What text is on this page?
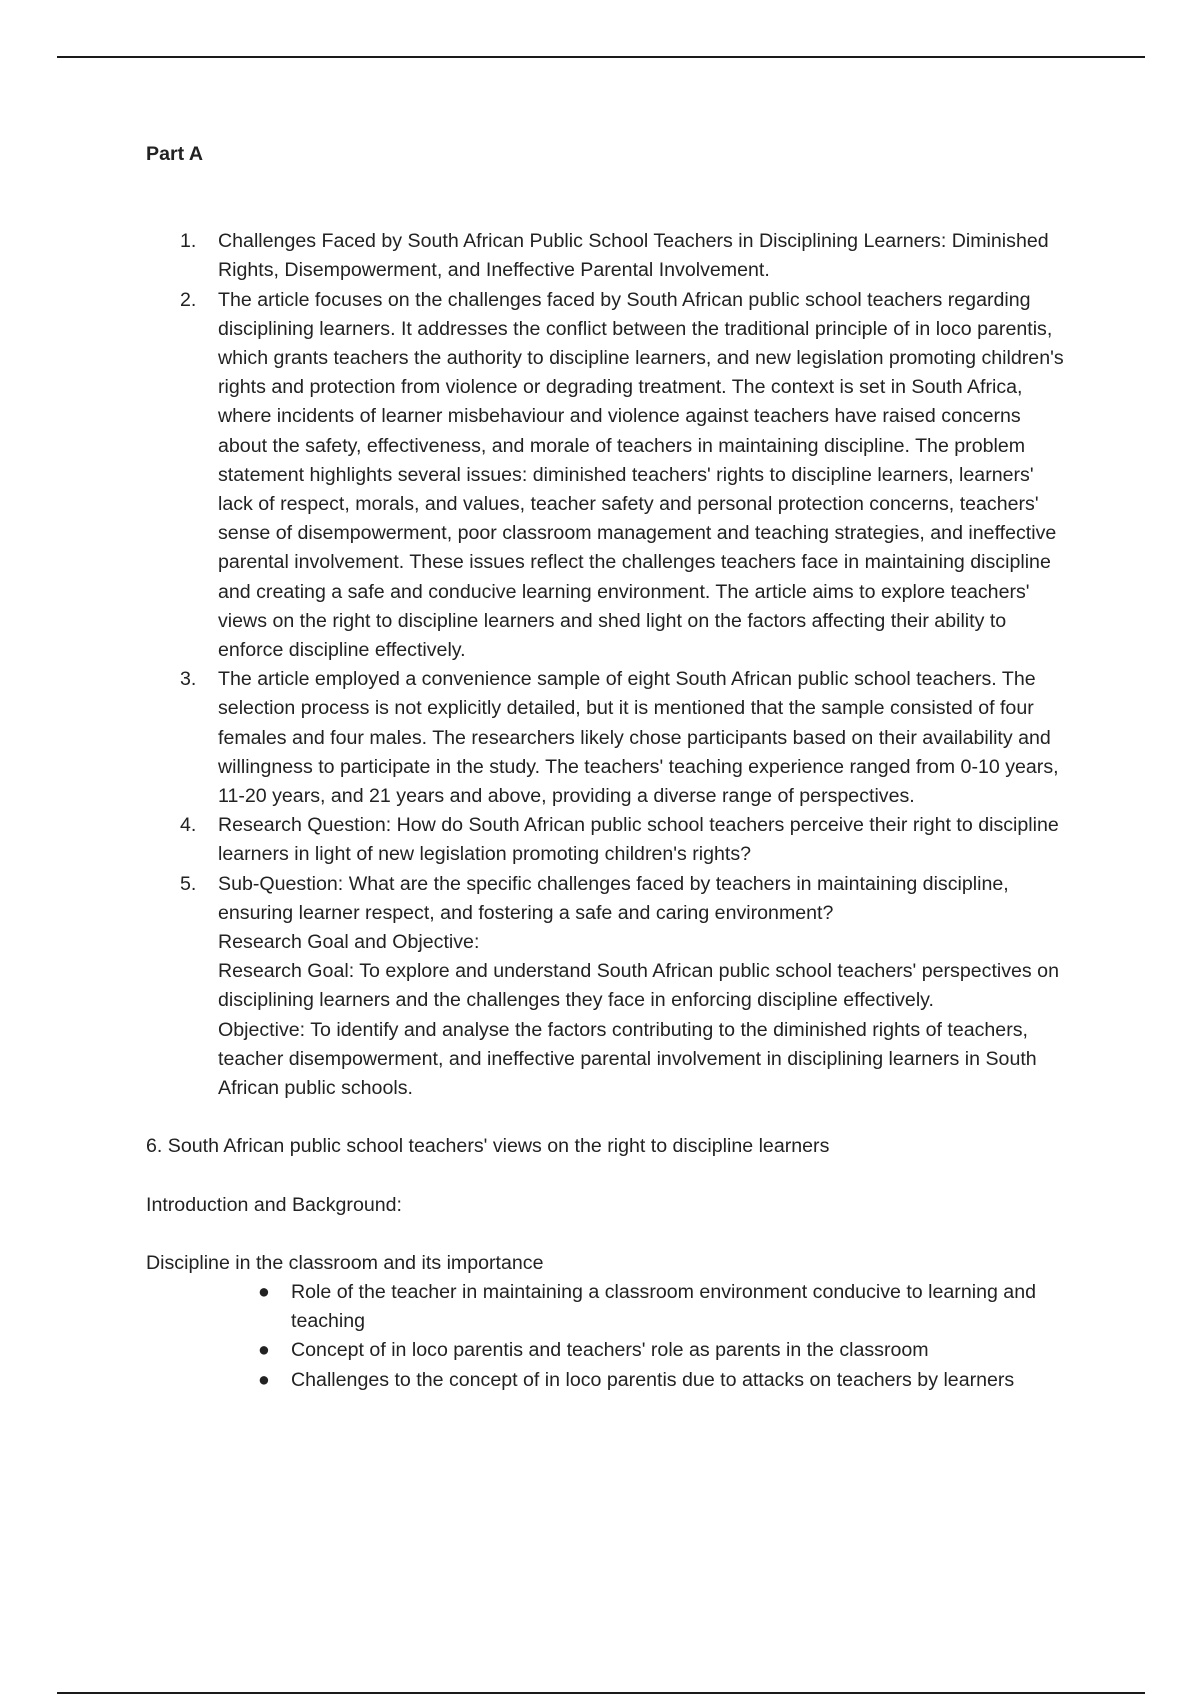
Part A

1. Challenges Faced by South African Public School Teachers in Disciplining Learners: Diminished Rights, Disempowerment, and Ineffective Parental Involvement.

2. The article focuses on the challenges faced by South African public school teachers regarding disciplining learners. It addresses the conflict between the traditional principle of in loco parentis, which grants teachers the authority to discipline learners, and new legislation promoting children's rights and protection from violence or degrading treatment. The context is set in South Africa, where incidents of learner misbehaviour and violence against teachers have raised concerns about the safety, effectiveness, and morale of teachers in maintaining discipline. The problem statement highlights several issues: diminished teachers' rights to discipline learners, learners' lack of respect, morals, and values, teacher safety and personal protection concerns, teachers' sense of disempowerment, poor classroom management and teaching strategies, and ineffective parental involvement. These issues reflect the challenges teachers face in maintaining discipline and creating a safe and conducive learning environment. The article aims to explore teachers' views on the right to discipline learners and shed light on the factors affecting their ability to enforce discipline effectively.

3. The article employed a convenience sample of eight South African public school teachers. The selection process is not explicitly detailed, but it is mentioned that the sample consisted of four females and four males. The researchers likely chose participants based on their availability and willingness to participate in the study. The teachers' teaching experience ranged from 0-10 years, 11-20 years, and 21 years and above, providing a diverse range of perspectives.

4. Research Question: How do South African public school teachers perceive their right to discipline learners in light of new legislation promoting children's rights?

5. Sub-Question: What are the specific challenges faced by teachers in maintaining discipline, ensuring learner respect, and fostering a safe and caring environment?

Research Goal and Objective:

Research Goal: To explore and understand South African public school teachers' perspectives on disciplining learners and the challenges they face in enforcing discipline effectively.

Objective: To identify and analyse the factors contributing to the diminished rights of teachers, teacher disempowerment, and ineffective parental involvement in disciplining learners in South African public schools.

6. South African public school teachers' views on the right to discipline learners

Introduction and Background:

Discipline in the classroom and its importance

● Role of the teacher in maintaining a classroom environment conducive to learning and teaching
● Concept of in loco parentis and teachers' role as parents in the classroom
● Challenges to the concept of in loco parentis due to attacks on teachers by learners
